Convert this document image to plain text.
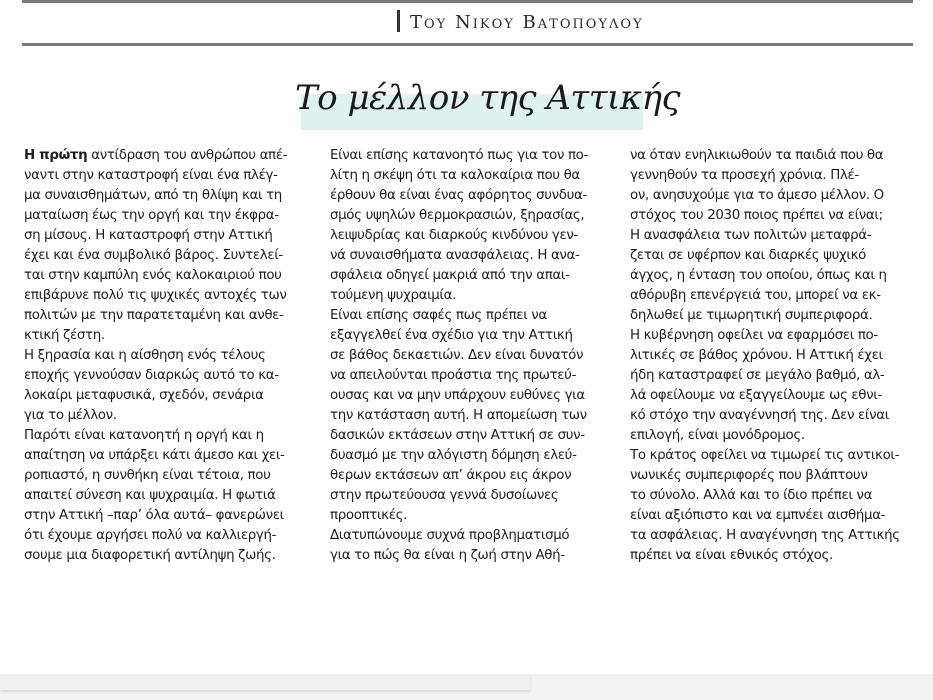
Του Νικου Βατοπουλου
Το μέλλον της Αττικής
Η πρώτη αντίδραση του ανθρώπου απέ-
ναντι στην καταστροφή είναι ένα πλέγ-
μα συναισθημάτων, από τη θλίψη και τη
ματαίωση έως την οργή και την έκφρα-
ση μίσους. Η καταστροφή στην Αττική
έχει και ένα συμβολικό βάρος. Συντελεί-
ται στην καμπύλη ενός καλοκαιριού που
επιβάρυνε πολύ τις ψυχικές αντοχές των
πολιτών με την παρατεταμένη και ανθε-
κτική ζέστη.
Η ξηρασία και η αίσθηση ενός τέλους
εποχής γεννούσαν διαρκώς αυτό το κα-
λοκαίρι μεταφυσικά, σχεδόν, σενάρια
για το μέλλον.
Παρότι είναι κατανοητή η οργή και η
απαίτηση να υπάρξει κάτι άμεσο και χει-
ροπιαστό, η συνθήκη είναι τέτοια, που
απαιτεί σύνεση και ψυχραιμία. Η φωτιά
στην Αττική –παρ’ όλα αυτά– φανερώνει
ότι έχουμε αργήσει πολύ να καλλιεργή-
σουμε μια διαφορετική αντίληψη ζωής.
Είναι επίσης κατανοητό πως για τον πο-
λίτη η σκέψη ότι τα καλοκαίρια που θα
έρθουν θα είναι ένας αφόρητος συνδυα-
σμός υψηλών θερμοκρασιών, ξηρασίας,
λειψυδρίας και διαρκούς κινδύνου γεν-
νά συναισθήματα ανασφάλειας. Η ανα-
σφάλεια οδηγεί μακριά από την απαι-
τούμενη ψυχραιμία.
Είναι επίσης σαφές πως πρέπει να
εξαγγελθεί ένα σχέδιο για την Αττική
σε βάθος δεκαετιών. Δεν είναι δυνατόν
να απειλούνται προάστια της πρωτεύ-
ουσας και να μην υπάρχουν ευθύνες για
την κατάσταση αυτή. Η απομείωση των
δασικών εκτάσεων στην Αττική σε συν-
δυασμό με την αλόγιστη δόμηση ελεύ-
θερων εκτάσεων απ’ άκρου εις άκρον
στην πρωτεύουσα γεννά δυσοίωνες
προοπτικές.
Διατυπώνουμε συχνά προβληματισμό
για το πώς θα είναι η ζωή στην Αθή-
να όταν ενηλικιωθούν τα παιδιά που θα
γεννηθούν τα προσεχή χρόνια. Πλέ-
ον, ανησυχούμε για το άμεσο μέλλον. Ο
στόχος του 2030 ποιος πρέπει να είναι;
Η ανασφάλεια των πολιτών μεταφρά-
ζεται σε υφέρπον και διαρκές ψυχικό
άγχος, η ένταση του οποίου, όπως και η
αθόρυβη επενέργειά του, μπορεί να εκ-
δηλωθεί με τιμωρητική συμπεριφορά.
Η κυβέρνηση οφείλει να εφαρμόσει πο-
λιτικές σε βάθος χρόνου. Η Αττική έχει
ήδη καταστραφεί σε μεγάλο βαθμό, αλ-
λά οφείλουμε να εξαγγείλουμε ως εθνι-
κό στόχο την αναγέννησή της. Δεν είναι
επιλογή, είναι μονόδρομος.
Το κράτος οφείλει να τιμωρεί τις αντικοι-
νωνικές συμπεριφορές που βλάπτουν
το σύνολο. Αλλά και το ίδιο πρέπει να
είναι αξιόπιστο και να εμπνέει αισθήμα-
τα ασφάλειας. Η αναγέννηση της Αττικής
πρέπει να είναι εθνικός στόχος.
